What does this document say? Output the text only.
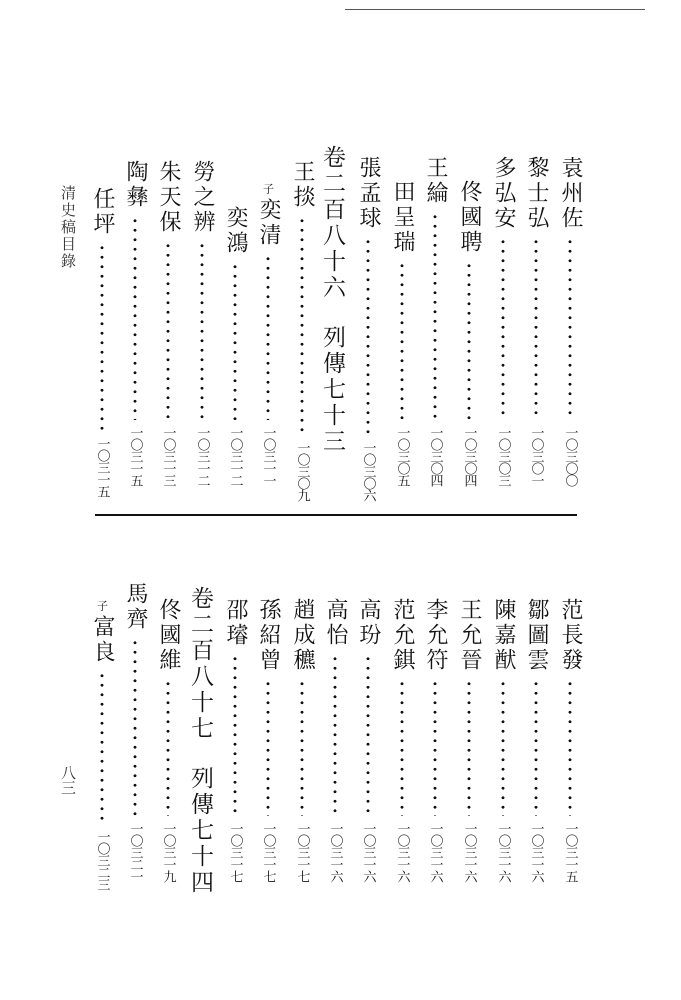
清史稿目錄
八三
袁州佐
一〇三〇〇
黎士弘
一〇三〇一
多弘安
一〇三〇三
佟國聘
一〇三〇四
王綸
一〇三〇四
田呈瑞
一〇三〇五
張孟球
一〇三〇六
卷二百八十六列傳七十三
王掞
一〇三〇九
子
奕清
一〇三一一
奕鴻
一〇三一二
勞之辨
一〇三一二
朱天保
一〇三一三
陶彝
一〇三一五
任坪
一〇三一五
范長發
一〇三一五
鄒圖雲
一〇三一六
陳嘉猷
一〇三一六
王允晉
一〇三一六
李允符
一〇三一六
范允錤
一〇三一六
高玢
一〇三一六
高怡
一〇三一六
趙成穮
一〇三一七
孫紹曾
一〇三一七
邵璿
一〇三一七
卷二百八十七列傳七十四
佟國維
一〇三一九
馬齊
一〇三二一
子
富良
一〇三二三
